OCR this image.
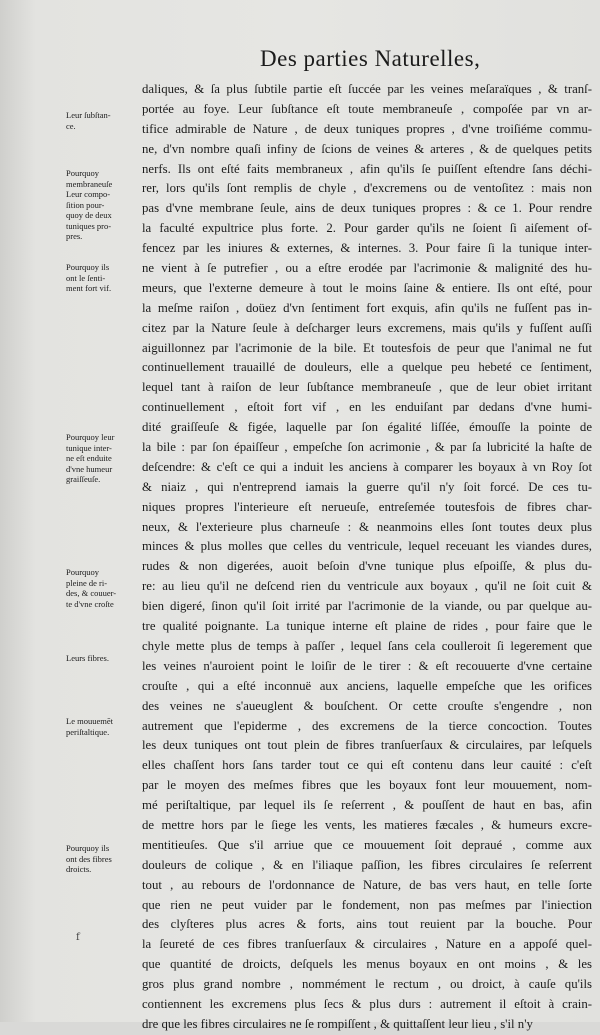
Des parties Naturelles,
Leur ſubſtan-
ce.
Pourquoy
membraneuſe
Leur compo-
ſition pour-
quoy de deux
tuniques pro-
pres.
Pourquoy ils
ont le ſenti-
ment fort vif.
Pourquoy leur
tunique inter-
ne eſt enduite
d'vne humeur
graiſſeuſe.
Pourquoy
pleine de ri-
des, & couuer-
te d'vne croſte
Leurs fibres.
Le mouuemēt
periſtaltique.
Pourquoy ils
ont des fibres
droicts.
daliques, & ſa plus ſubtile partie eſt ſuccée par les veines meſaraïques , & tranſ-
portée au foye. Leur ſubſtance eſt toute membraneuſe , compoſée par vn ar-
tifice admirable de Nature , de deux tuniques propres , d'vne troiſiéme commu-
ne, d'vn nombre quaſi infiny de ſcions de veines & arteres , & de quelques petits
nerfs. Ils ont eſté faits membraneux , afin qu'ils ſe puiſſent eſtendre ſans déchi-
rer, lors qu'ils ſont remplis de chyle , d'excremens ou de ventoſitez : mais non
pas d'vne membrane ſeule, ains de deux tuniques propres : & ce 1. Pour rendre
la faculté expultrice plus forte. 2. Pour garder qu'ils ne ſoient ſi aiſement of-
fencez par les iniures & externes, & internes. 3. Pour faire ſi la tunique inter-
ne vient à ſe putrefier , ou a eſtre erodée par l'acrimonie & malignité des hu-
meurs, que l'externe demeure à tout le moins ſaine & entiere. Ils ont eſté, pour
la meſme raiſon , doüez d'vn ſentiment fort exquis, afin qu'ils ne fuſſent pas in-
citez par la Nature ſeule à deſcharger leurs excremens, mais qu'ils y fuſſent auſſi
aiguillonnez par l'acrimonie de la bile. Et toutesfois de peur que l'animal ne fut
continuellement trauaillé de douleurs, elle a quelque peu hebeté ce ſentiment,
lequel tant à raiſon de leur ſubſtance membraneuſe , que de leur obiet irritant
continuellement , eſtoit fort vif , en les enduiſant par dedans d'vne humi-
dité graiſſeuſe & figée, laquelle par ſon égalité liſſée, émouſſe la pointe de
la bile : par ſon épaiſſeur , empeſche ſon acrimonie , & par ſa lubricité la haſte de
deſcendre: & c'eſt ce qui a induit les anciens à comparer les boyaux à vn Roy ſot
& niaiz , qui n'entreprend iamais la guerre qu'il n'y ſoit forcé. De ces tu-
niques propres l'interieure eſt nerueuſe, entreſemée toutesfois de fibres char-
neux, & l'exterieure plus charneuſe : & neanmoins elles ſont toutes deux plus
minces & plus molles que celles du ventricule, lequel receuant les viandes dures,
rudes & non digerées, auoit beſoin d'vne tunique plus eſpoiſſe, & plus du-
re: au lieu qu'il ne deſcend rien du ventricule aux boyaux , qu'il ne ſoit cuit &
bien digeré, ſinon qu'il ſoit irrité par l'acrimonie de la viande, ou par quelque au-
tre qualité poignante. La tunique interne eſt plaine de rides , pour faire que le
chyle mette plus de temps à paſſer , lequel ſans cela coulleroit ſi legerement que
les veines n'auroient point le loiſir de le tirer : & eſt recouuerte d'vne certaine
crouſte , qui a eſté inconnuë aux anciens, laquelle empeſche que les orifices
des veines ne s'aueuglent & bouſchent. Or cette crouſte s'engendre , non
autrement que l'epiderme , des excremens de la tierce concoction. Toutes
les deux tuniques ont tout plein de fibres tranſuerſaux & circulaires, par leſquels
elles chaſſent hors ſans tarder tout ce qui eſt contenu dans leur cauité : c'eſt
par le moyen des meſmes fibres que les boyaux font leur mouuement, nom-
mé periſtaltique, par lequel ils ſe reſerrent , & pouſſent de haut en bas, afin
de mettre hors par le ſiege les vents, les matieres fæcales , & humeurs excre-
mentitieuſes. Que s'il arriue que ce mouuement ſoit depraué , comme aux
douleurs de colique , & en l'iliaque paſſion, les fibres circulaires ſe reſerrent
tout , au rebours de l'ordonnance de Nature, de bas vers haut, en telle ſorte
que rien ne peut vuider par le fondement, non pas meſmes par l'iniection
des clyſteres plus acres & forts, ains tout reuient par la bouche. Pour
la ſeureté de ces fibres tranſuerſaux & circulaires , Nature en a appoſé quel-
que quantité de droicts, deſquels les menus boyaux en ont moins , & les
gros plus grand nombre , nommément le rectum , ou droict, à cauſe qu'ils
contiennent les excremens plus ſecs & plus durs : autrement il eſtoit à crain-
dre que les fibres circulaires ne ſe rompiſſent , & quittaſſent leur lieu , s'il n'y
f
